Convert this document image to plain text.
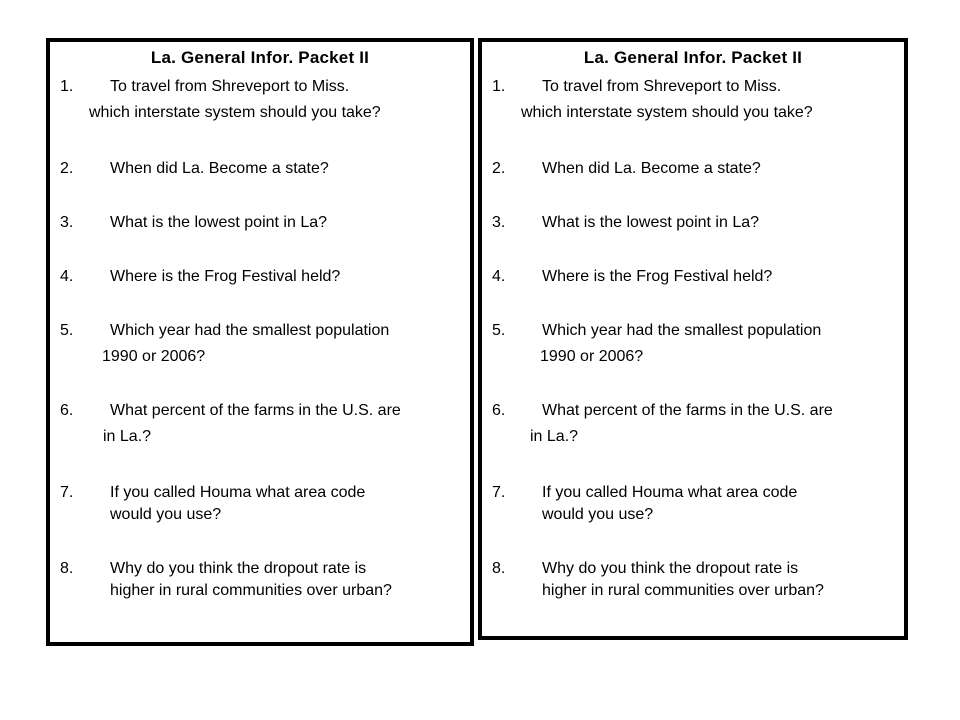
La. General Infor. Packet II
1. To travel from Shreveport to Miss.
which interstate system should you take?
2. When did La. Become a state?
3. What is the lowest point in La?
4. Where is the Frog Festival held?
5. Which year had the smallest population
1990 or 2006?
6. What percent of the farms in the U.S. are
in La.?
7. If you called Houma what area code
would you use?
8. Why do you think the dropout rate is
higher in rural communities over urban?
La. General Infor. Packet II
1. To travel from Shreveport to Miss.
which interstate system should you take?
2. When did La. Become a state?
3. What is the lowest point in La?
4. Where is the Frog Festival held?
5. Which year had the smallest population
1990 or 2006?
6. What percent of the farms in the U.S. are
in La.?
7. If you called Houma what area code
would you use?
8. Why do you think the dropout rate is
higher in rural communities over urban?
